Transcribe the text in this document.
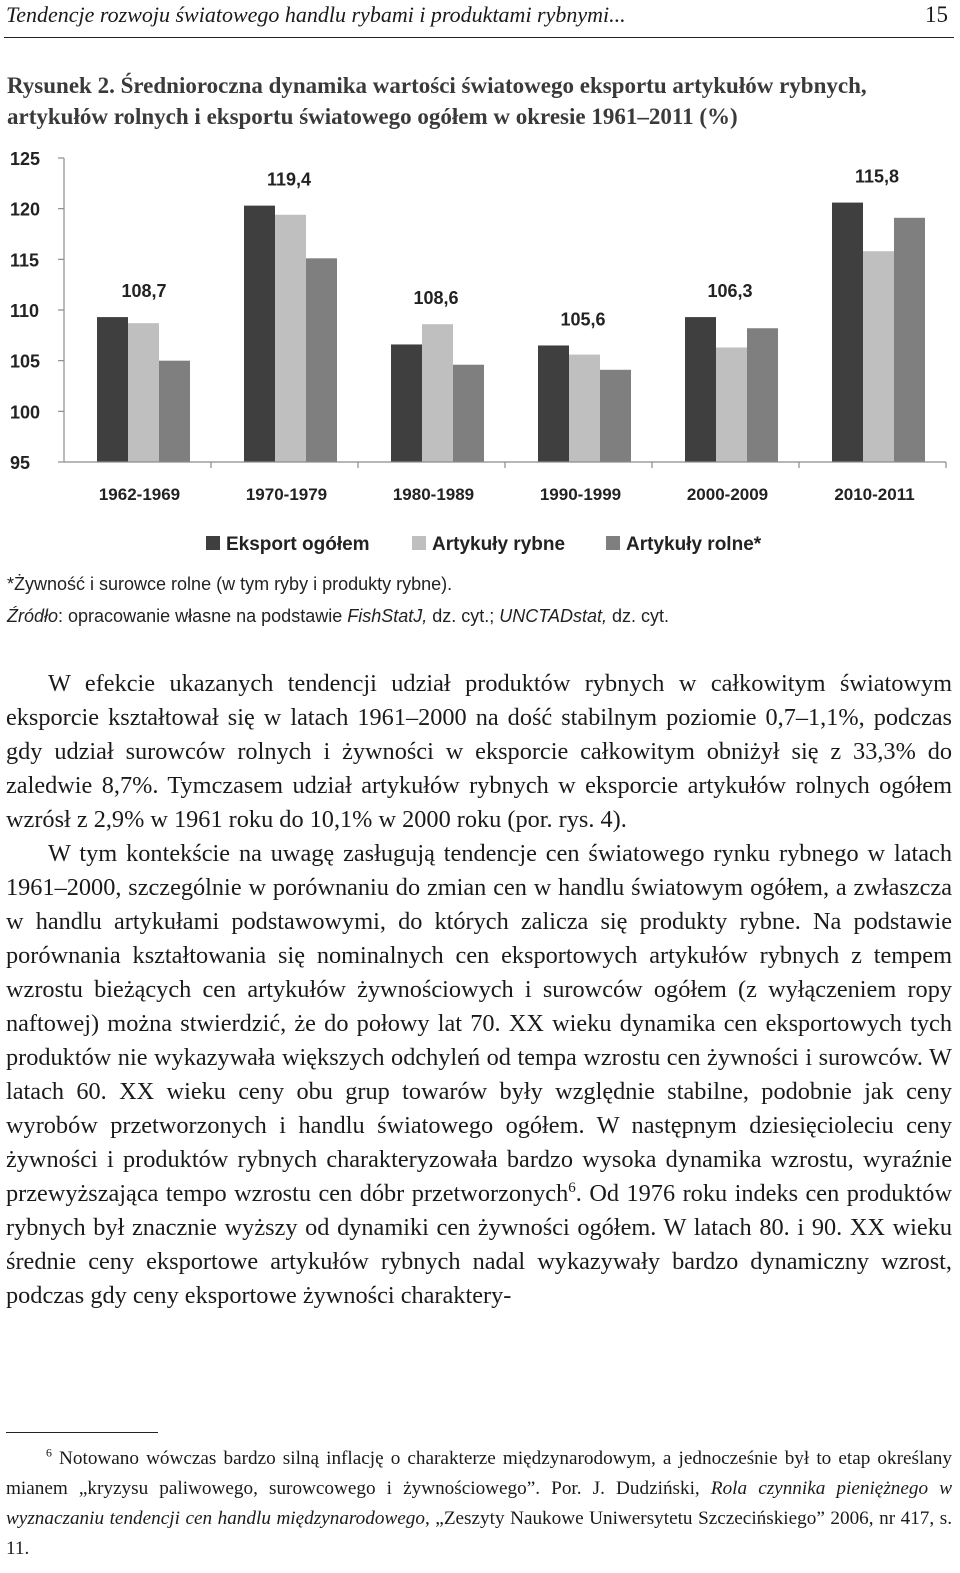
Tendencje rozwoju światowego handlu rybami i produktami rybnymi...	15
Rysunek 2. Średnioroczna dynamika wartości światowego eksportu artykułów rybnych,
artykułów rolnych i eksportu światowego ogółem w okresie 1961–2011 (%)
95
100
105
110
115
120
125
108,7
119,4
108,6
105,6
106,3
115,8
1962-1969	1970-1979	1980-1989	1990-1999	2000-2009	2010-2011
Eksport ogółem	Artykuły rybne	Artykuły rolne*
*Żywność i surowce rolne (w tym ryby i produkty rybne).
Źródło: opracowanie własne na podstawie FishStatJ, dz. cyt.; UNCTADstat, dz. cyt.

W efekcie ukazanych tendencji udział produktów rybnych w całkowitym światowym eksporcie kształtował się w latach 1961–2000 na dość stabilnym poziomie 0,7–1,1%, podczas gdy udział surowców rolnych i żywności w eksporcie całkowitym obniżył się z 33,3% do zaledwie 8,7%. Tymczasem udział artykułów rybnych w eksporcie artykułów rolnych ogółem wzrósł z 2,9% w 1961 roku do 10,1% w 2000 roku (por. rys. 4).

W tym kontekście na uwagę zasługują tendencje cen światowego rynku rybnego w latach 1961–2000, szczególnie w porównaniu do zmian cen w handlu światowym ogółem, a zwłaszcza w handlu artykułami podstawowymi, do których zalicza się produkty rybne. Na podstawie porównania kształtowania się nominalnych cen eksportowych artykułów rybnych z tempem wzrostu bieżących cen artykułów żywnościowych i surowców ogółem (z wyłączeniem ropy naftowej) można stwierdzić, że do połowy lat 70. XX wieku dynamika cen eksportowych tych produktów nie wykazywała większych odchyleń od tempa wzrostu cen żywności i surowców. W latach 60. XX wieku ceny obu grup towarów były względnie stabilne, podobnie jak ceny wyrobów przetworzonych i handlu światowego ogółem. W następnym dziesięcioleciu ceny żywności i produktów rybnych charakteryzowała bardzo wysoka dynamika wzrostu, wyraźnie przewyższająca tempo wzrostu cen dóbr przetworzonych$^6$. Od 1976 roku indeks cen produktów rybnych był znacznie wyższy od dynamiki cen żywności ogółem. W latach 80. i 90. XX wieku średnie ceny eksportowe artykułów rybnych nadal wykazywały bardzo dynamiczny wzrost, podczas gdy ceny eksportowe żywności charaktery-

$^6$ Notowano wówczas bardzo silną inflację o charakterze międzynarodowym, a jednocześnie był to etap określany mianem „kryzysu paliwowego, surowcowego i żywnościowego”. Por. J. Dudziński, Rola czynnika pieniężnego w wyznaczaniu tendencji cen handlu międzynarodowego, „Zeszyty Naukowe Uniwersytetu Szczecińskiego” 2006, nr 417, s. 11.
